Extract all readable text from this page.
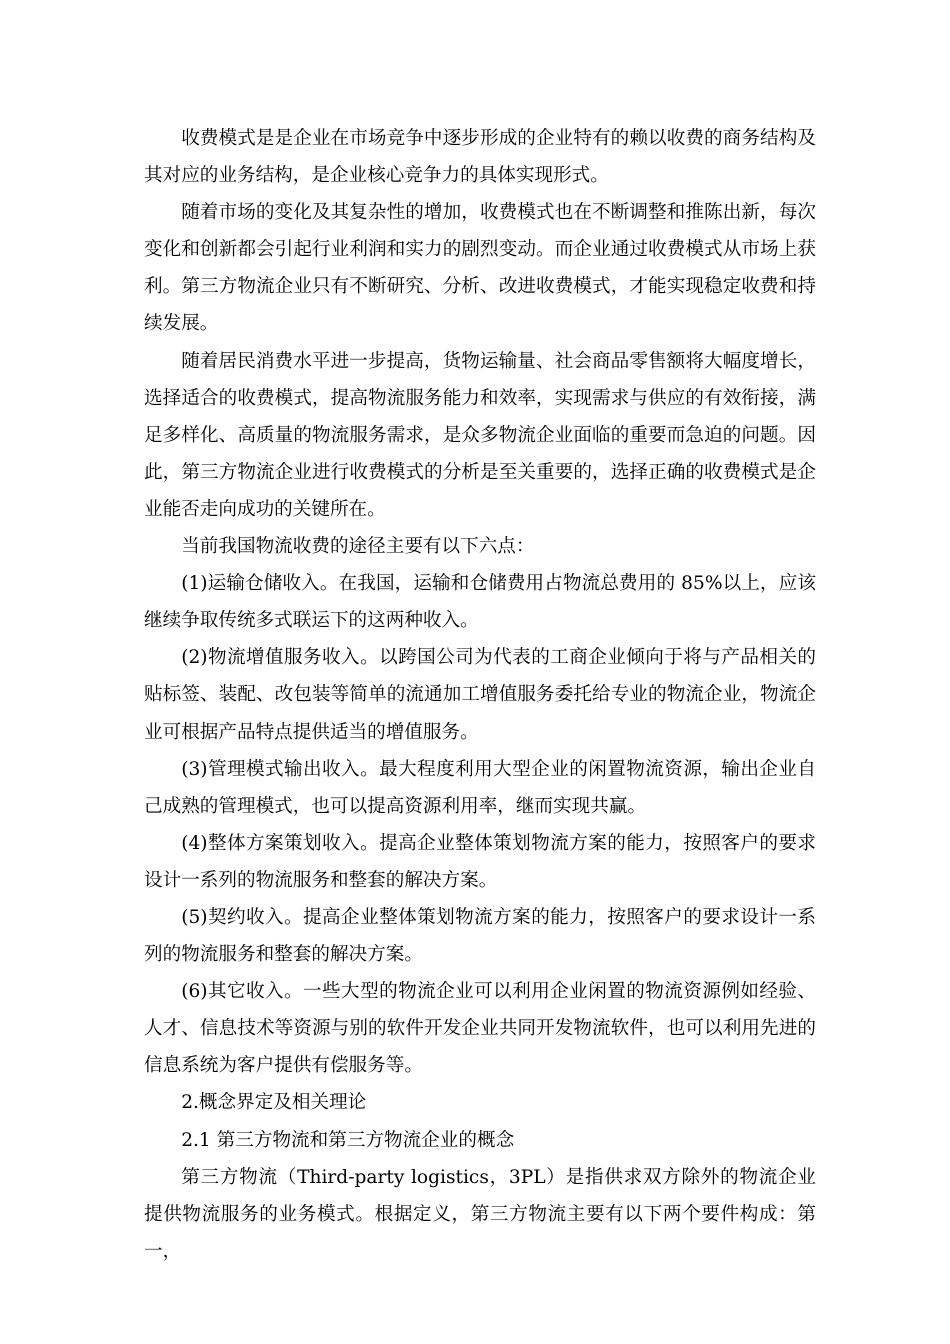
收费模式是是企业在市场竞争中逐步形成的企业特有的赖以收费的商务结构及其对应的业务结构，是企业核心竞争力的具体实现形式。

随着市场的变化及其复杂性的增加，收费模式也在不断调整和推陈出新，每次变化和创新都会引起行业利润和实力的剧烈变动。而企业通过收费模式从市场上获利。第三方物流企业只有不断研究、分析、改进收费模式，才能实现稳定收费和持续发展。

随着居民消费水平进一步提高，货物运输量、社会商品零售额将大幅度增长，选择适合的收费模式，提高物流服务能力和效率，实现需求与供应的有效衔接，满足多样化、高质量的物流服务需求，是众多物流企业面临的重要而急迫的问题。因此，第三方物流企业进行收费模式的分析是至关重要的，选择正确的收费模式是企业能否走向成功的关键所在。

当前我国物流收费的途径主要有以下六点：

(1)运输仓储收入。在我国，运输和仓储费用占物流总费用的 85%以上，应该继续争取传统多式联运下的这两种收入。

(2)物流增值服务收入。以跨国公司为代表的工商企业倾向于将与产品相关的贴标签、装配、改包装等简单的流通加工增值服务委托给专业的物流企业，物流企业可根据产品特点提供适当的增值服务。

(3)管理模式输出收入。最大程度利用大型企业的闲置物流资源，输出企业自己成熟的管理模式，也可以提高资源利用率，继而实现共赢。

(4)整体方案策划收入。提高企业整体策划物流方案的能力，按照客户的要求设计一系列的物流服务和整套的解决方案。

(5)契约收入。提高企业整体策划物流方案的能力，按照客户的要求设计一系列的物流服务和整套的解决方案。

(6)其它收入。一些大型的物流企业可以利用企业闲置的物流资源例如经验、人才、信息技术等资源与别的软件开发企业共同开发物流软件，也可以利用先进的信息系统为客户提供有偿服务等。

2.概念界定及相关理论

2.1 第三方物流和第三方物流企业的概念

第三方物流（Third-party logistics，3PL）是指供求双方除外的物流企业提供物流服务的业务模式。根据定义，第三方物流主要有以下两个要件构成：第一，
